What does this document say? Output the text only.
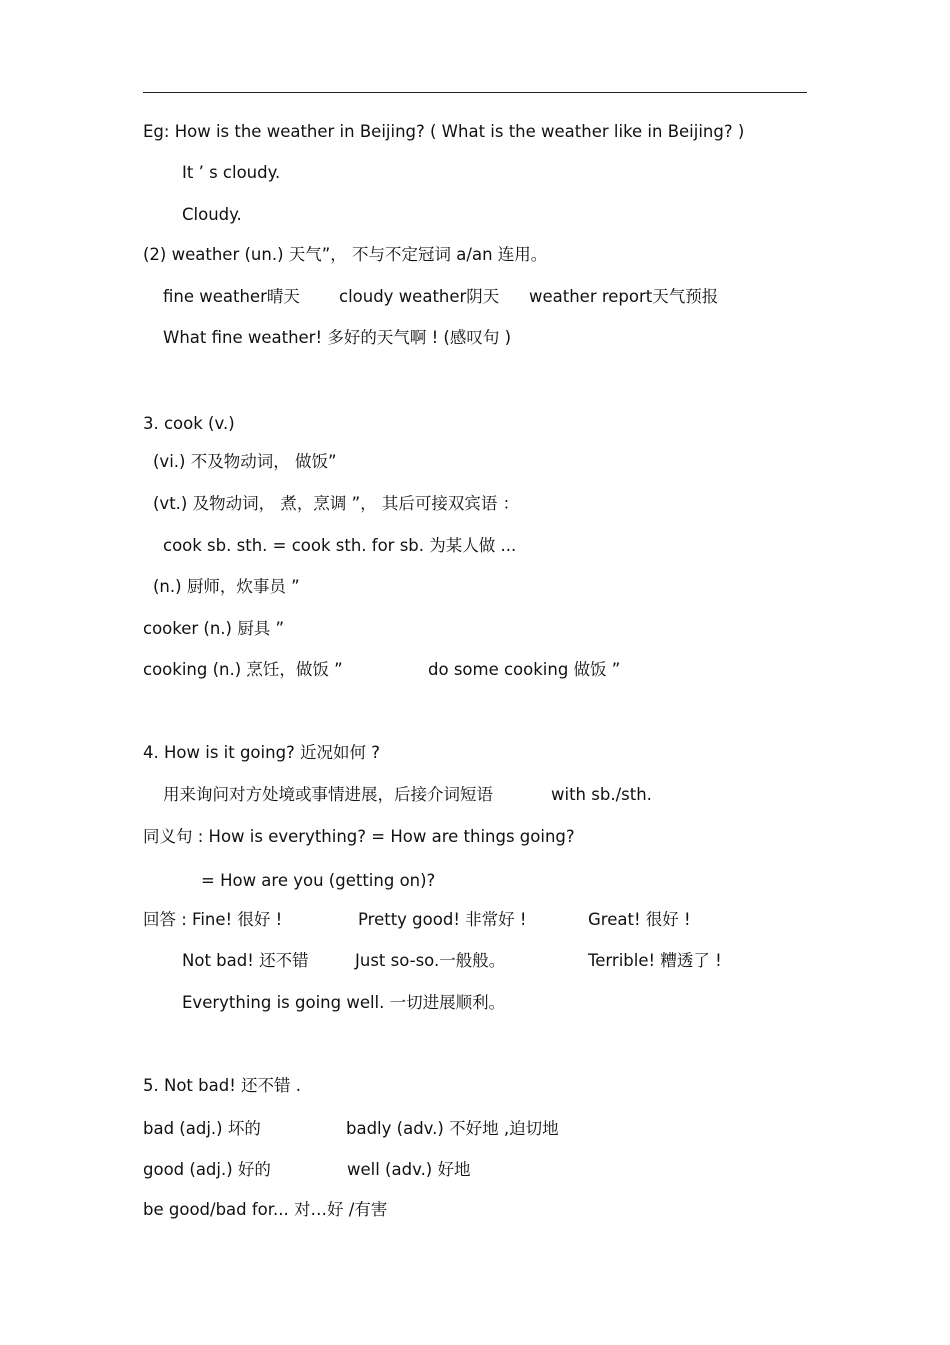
Eg: How is the weather in Beijing? ( What is the weather like in Beijing? )
It ’ s cloudy.
Cloudy.
(2) weather (un.) 天气”， 不与不定冠词 a/an 连用。
fine weather晴天 cloudy weather阴天 weather report天气预报
What fine weather! 多好的天气啊 ! (感叹句 )
3. cook (v.)
(vi.) 不及物动词， 做饭”
(vt.) 及物动词， 煮，烹调 ”， 其后可接双宾语 ：
cook sb. sth. = cook sth. for sb. 为某人做 ...
(n.) 厨师，炊事员 ”
cooker (n.) 厨具 ”
cooking (n.) 烹饪，做饭 ”	do some cooking 做饭 ”
4. How is it going? 近况如何 ?
用来询问对方处境或事情进展，后接介词短语	with sb./sth.
同义句 : How is everything? = How are things going?
= How are you (getting on)?
回答 : Fine! 很好 !	Pretty good! 非常好 !	Great! 很好 !
Not bad! 还不错	Just so-so.一般般。	Terrible! 糟透了 !
Everything is going well. 一切进展顺利。
5. Not bad! 还不错 .
bad (adj.) 坏的	badly (adv.) 不好地 ,迫切地
good (adj.) 好的	well (adv.) 好地
be good/bad for... 对…好 /有害
